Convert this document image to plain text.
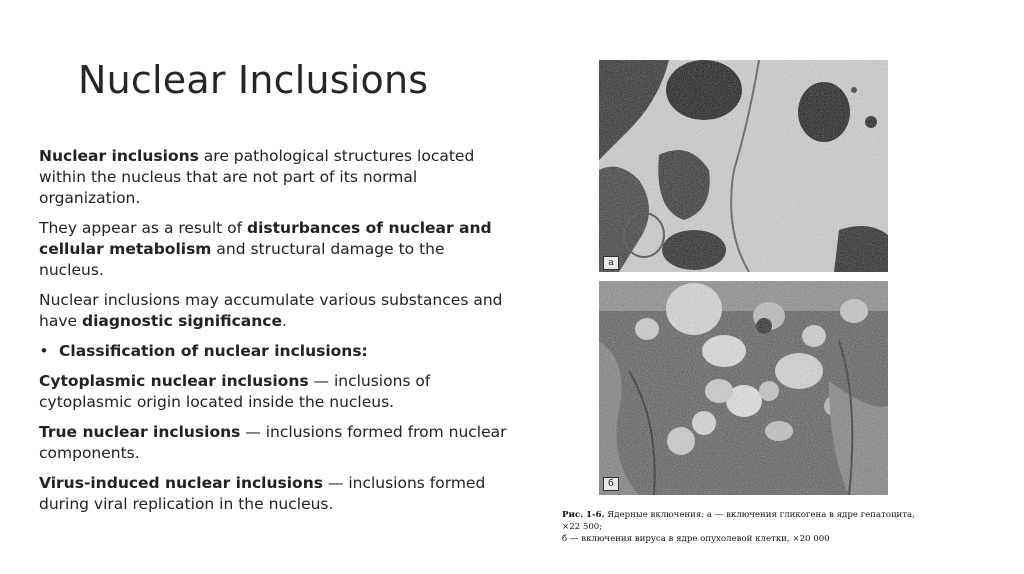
Nuclear Inclusions

Nuclear inclusions are pathological structures located within the nucleus that are not part of its normal organization.

They appear as a result of disturbances of nuclear and cellular metabolism and structural damage to the nucleus.

Nuclear inclusions may accumulate various substances and have diagnostic significance.

• Classification of nuclear inclusions:

Cytoplasmic nuclear inclusions — inclusions of cytoplasmic origin located inside the nucleus.

True nuclear inclusions — inclusions formed from nuclear components.

Virus-induced nuclear inclusions — inclusions formed during viral replication in the nucleus.

a
б
Рис. 1-6. Ядерные включения: а — включения гликогена в ядре гепатоцита, ×22 500;
б — включения вируса в ядре опухолевой клетки, ×20 000
